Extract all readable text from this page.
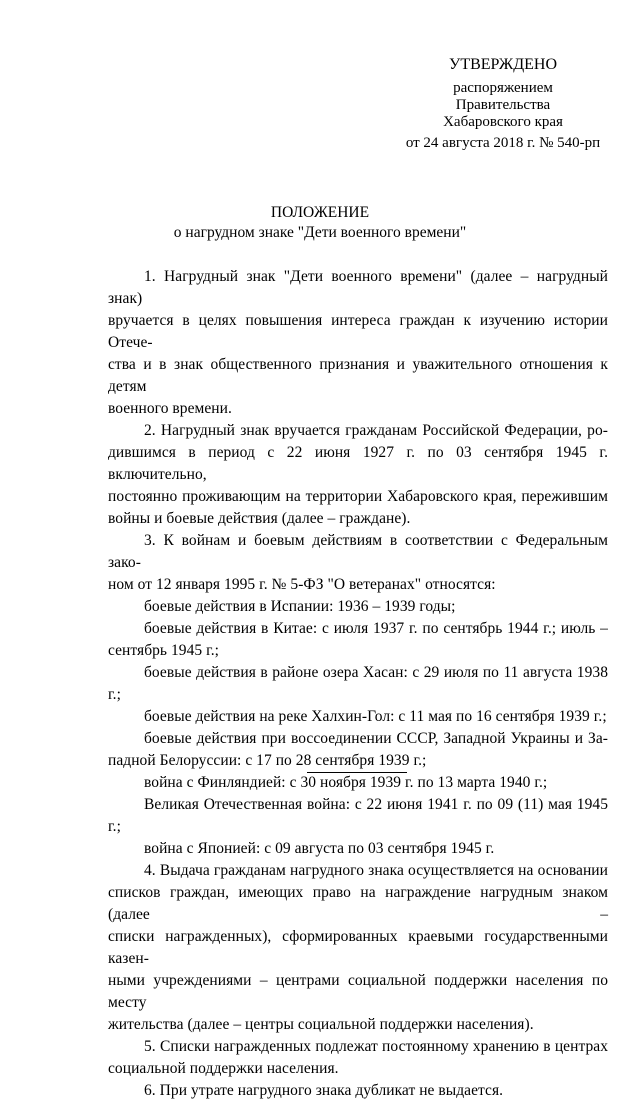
УТВЕРЖДЕНО
распоряжением
Правительства
Хабаровского края
от 24 августа 2018 г. № 540-рп
ПОЛОЖЕНИЕ
о нагрудном знаке "Дети военного времени"

1. Нагрудный знак "Дети военного времени" (далее – нагрудный знак)
вручается в целях повышения интереса граждан к изучению истории Отече-
ства и в знак общественного признания и уважительного отношения к детям
военного времени.

2. Нагрудный знак вручается гражданам Российской Федерации, ро-
дившимся в период с 22 июня 1927 г. по 03 сентября 1945 г. включительно,
постоянно проживающим на территории Хабаровского края, пережившим
войны и боевые действия (далее – граждане).

3. К войнам и боевым действиям в соответствии с Федеральным зако-
ном от 12 января 1995 г. № 5-ФЗ "О ветеранах" относятся:

боевые действия в Испании: 1936 – 1939 годы;

боевые действия в Китае: с июля 1937 г. по сентябрь 1944 г.; июль –
сентябрь 1945 г.;

боевые действия в районе озера Хасан: с 29 июля по 11 августа 1938 г.;

боевые действия на реке Халхин-Гол: с 11 мая по 16 сентября 1939 г.;

боевые действия при воссоединении СССР, Западной Украины и За-
падной Белоруссии: с 17 по 28 сентября 1939 г.;

война с Финляндией: с 30 ноября 1939 г. по 13 марта 1940 г.;

Великая Отечественная война: с 22 июня 1941 г. по 09 (11) мая 1945 г.;

война с Японией: с 09 августа по 03 сентября 1945 г.

4. Выдача гражданам нагрудного знака осуществляется на основании
списков граждан, имеющих право на награждение нагрудным знаком (далее –
списки награжденных), сформированных краевыми государственными казен-
ными учреждениями – центрами социальной поддержки населения по месту
жительства (далее – центры социальной поддержки населения).

5. Списки награжденных подлежат постоянному хранению в центрах
социальной поддержки населения.

6. При утрате нагрудного знака дубликат не выдается.
